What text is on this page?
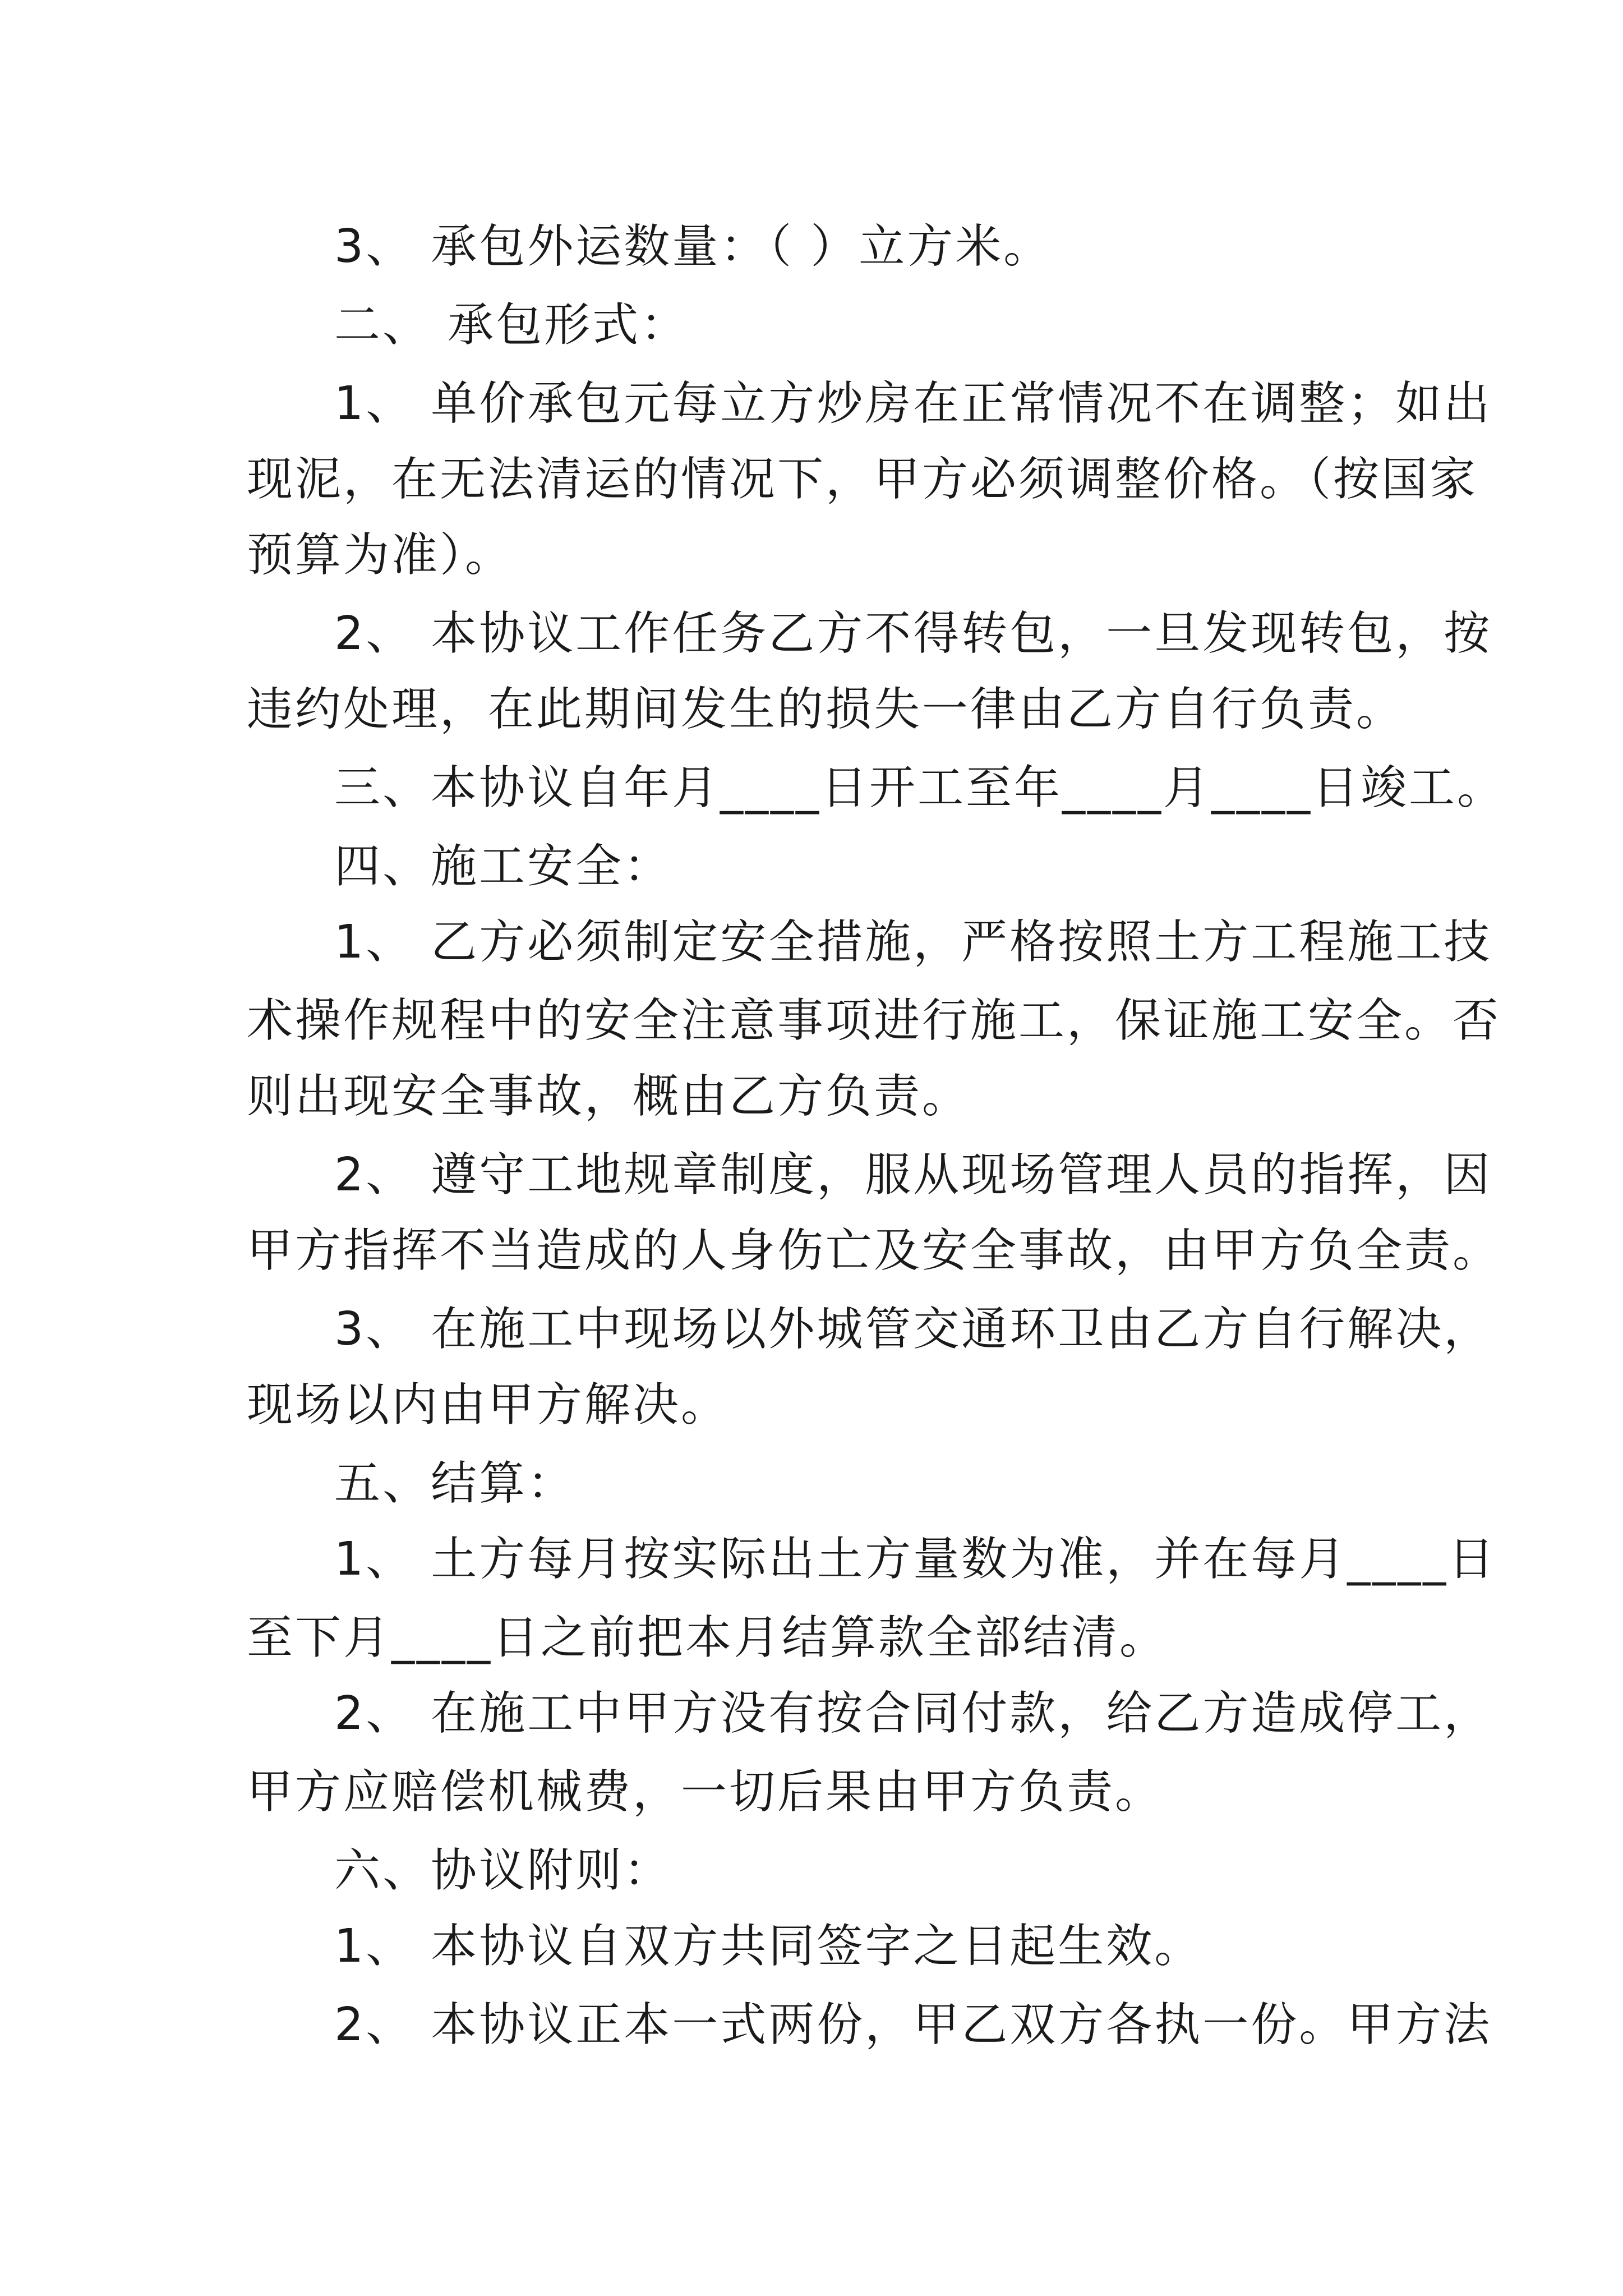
3、 承包外运数量：（ ）立方米。
二、 承包形式：
1、 单价承包元每立方炒房在正常情况不在调整；如出
现泥，在无法清运的情况下，甲方必须调整价格。（按国家
预算为准）。
2、 本协议工作任务乙方不得转包，一旦发现转包，按
违约处理，在此期间发生的损失一律由乙方自行负责。
三、本协议自年月____日开工至年____月____日竣工。
四、施工安全：
1、 乙方必须制定安全措施，严格按照土方工程施工技
术操作规程中的安全注意事项进行施工，保证施工安全。否
则出现安全事故，概由乙方负责。
2、 遵守工地规章制度，服从现场管理人员的指挥，因
甲方指挥不当造成的人身伤亡及安全事故，由甲方负全责。
3、 在施工中现场以外城管交通环卫由乙方自行解决，
现场以内由甲方解决。
五、结算：
1、 土方每月按实际出土方量数为准，并在每月____日
至下月____日之前把本月结算款全部结清。
2、 在施工中甲方没有按合同付款，给乙方造成停工，
甲方应赔偿机械费，一切后果由甲方负责。
六、协议附则：
1、 本协议自双方共同签字之日起生效。
2、 本协议正本一式两份，甲乙双方各执一份。甲方法
